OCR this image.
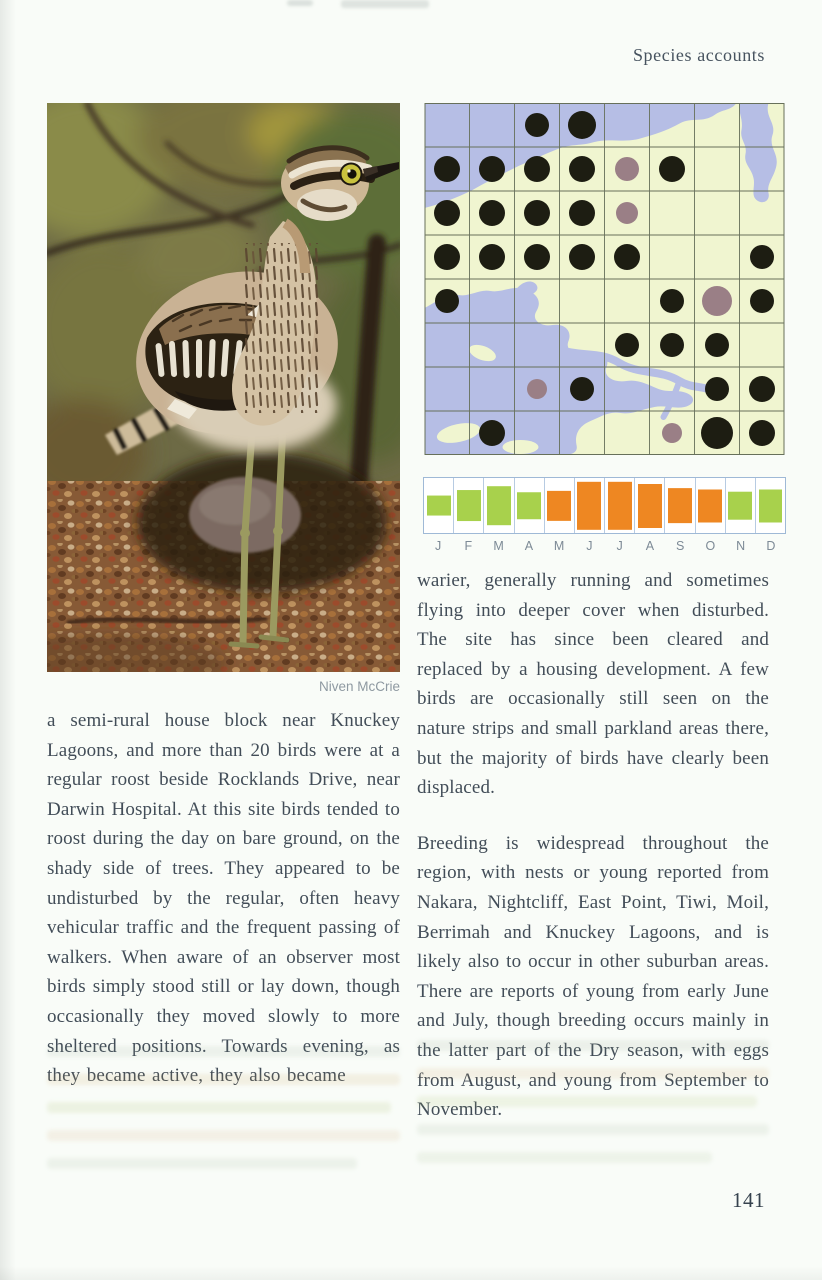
Species accounts
Niven McCrie
J	F	M	A	M	J	J	A	S	O	N	D

a semi-rural house block near Knuckey Lagoons, and more than 20 birds were at a regular roost beside Rocklands Drive, near Darwin Hospital. At this site birds tended to roost during the day on bare ground, on the shady side of trees. They appeared to be undisturbed by the regular, often heavy vehicular traffic and the frequent passing of walkers. When aware of an observer most birds simply stood still or lay down, though occasionally they moved slowly to more sheltered positions. Towards evening, as they became active, they also became

warier, generally running and sometimes flying into deeper cover when disturbed. The site has since been cleared and replaced by a housing development. A few birds are occasionally still seen on the nature strips and small parkland areas there, but the majority of birds have clearly been displaced.

Breeding is widespread throughout the region, with nests or young reported from Nakara, Nightcliff, East Point, Tiwi, Moil, Berrimah and Knuckey Lagoons, and is likely also to occur in other suburban areas. There are reports of young from early June and July, though breeding occurs mainly in the latter part of the Dry season, with eggs from August, and young from September to November.

141
